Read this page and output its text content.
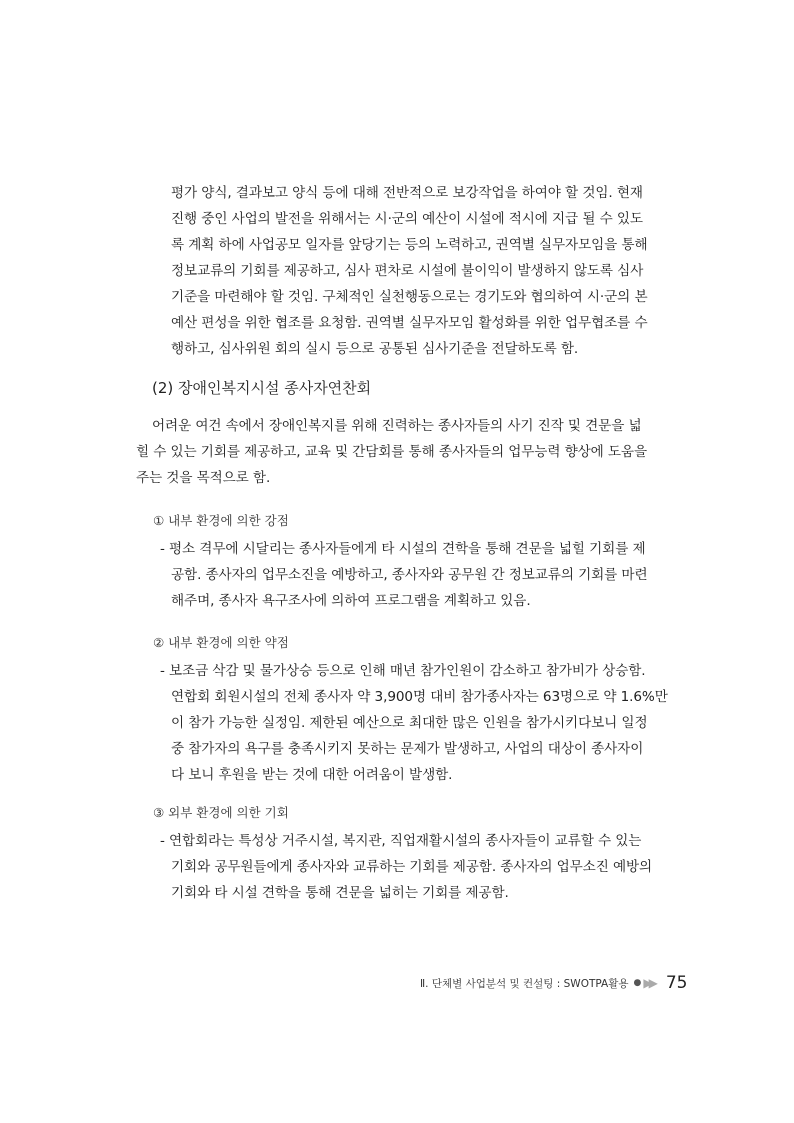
평가 양식, 결과보고 양식 등에 대해 전반적으로 보강작업을 하여야 할 것임. 현재
진행 중인 사업의 발전을 위해서는 시·군의 예산이 시설에 적시에 지급 될 수 있도
록 계획 하에 사업공모 일자를 앞당기는 등의 노력하고, 권역별 실무자모임을 통해
정보교류의 기회를 제공하고, 심사 편차로 시설에 불이익이 발생하지 않도록 심사
기준을 마련해야 할 것임. 구체적인 실천행동으로는 경기도와 협의하여 시·군의 본
예산 편성을 위한 협조를 요청함. 권역별 실무자모임 활성화를 위한 업무협조를 수
행하고, 심사위원 회의 실시 등으로 공통된 심사기준을 전달하도록 함.
(2) 장애인복지시설 종사자연찬회
어려운 여건 속에서 장애인복지를 위해 진력하는 종사자들의 사기 진작 및 견문을 넓
힐 수 있는 기회를 제공하고, 교육 및 간담회를 통해 종사자들의 업무능력 향상에 도움을
주는 것을 목적으로 함.
① 내부 환경에 의한 강점
- 평소 격무에 시달리는 종사자들에게 타 시설의 견학을 통해 견문을 넓힐 기회를 제
공함. 종사자의 업무소진을 예방하고, 종사자와 공무원 간 정보교류의 기회를 마련
해주며, 종사자 욕구조사에 의하여 프로그램을 계획하고 있음.
② 내부 환경에 의한 약점
- 보조금 삭감 및 물가상승 등으로 인해 매년 참가인원이 감소하고 참가비가 상승함.
연합회 회원시설의 전체 종사자 약 3,900명 대비 참가종사자는 63명으로 약 1.6%만
이 참가 가능한 실정임. 제한된 예산으로 최대한 많은 인원을 참가시키다보니 일정
중 참가자의 욕구를 충족시키지 못하는 문제가 발생하고, 사업의 대상이 종사자이
다 보니 후원을 받는 것에 대한 어려움이 발생함.
③ 외부 환경에 의한 기회
- 연합회라는 특성상 거주시설, 복지관, 직업재활시설의 종사자들이 교류할 수 있는
기회와 공무원들에게 종사자와 교류하는 기회를 제공함. 종사자의 업무소진 예방의
기회와 타 시설 견학을 통해 견문을 넓히는 기회를 제공함.
Ⅱ. 단체별 사업분석 및 컨설팅 : SWOTPA활용 ● ▶▶ 75
